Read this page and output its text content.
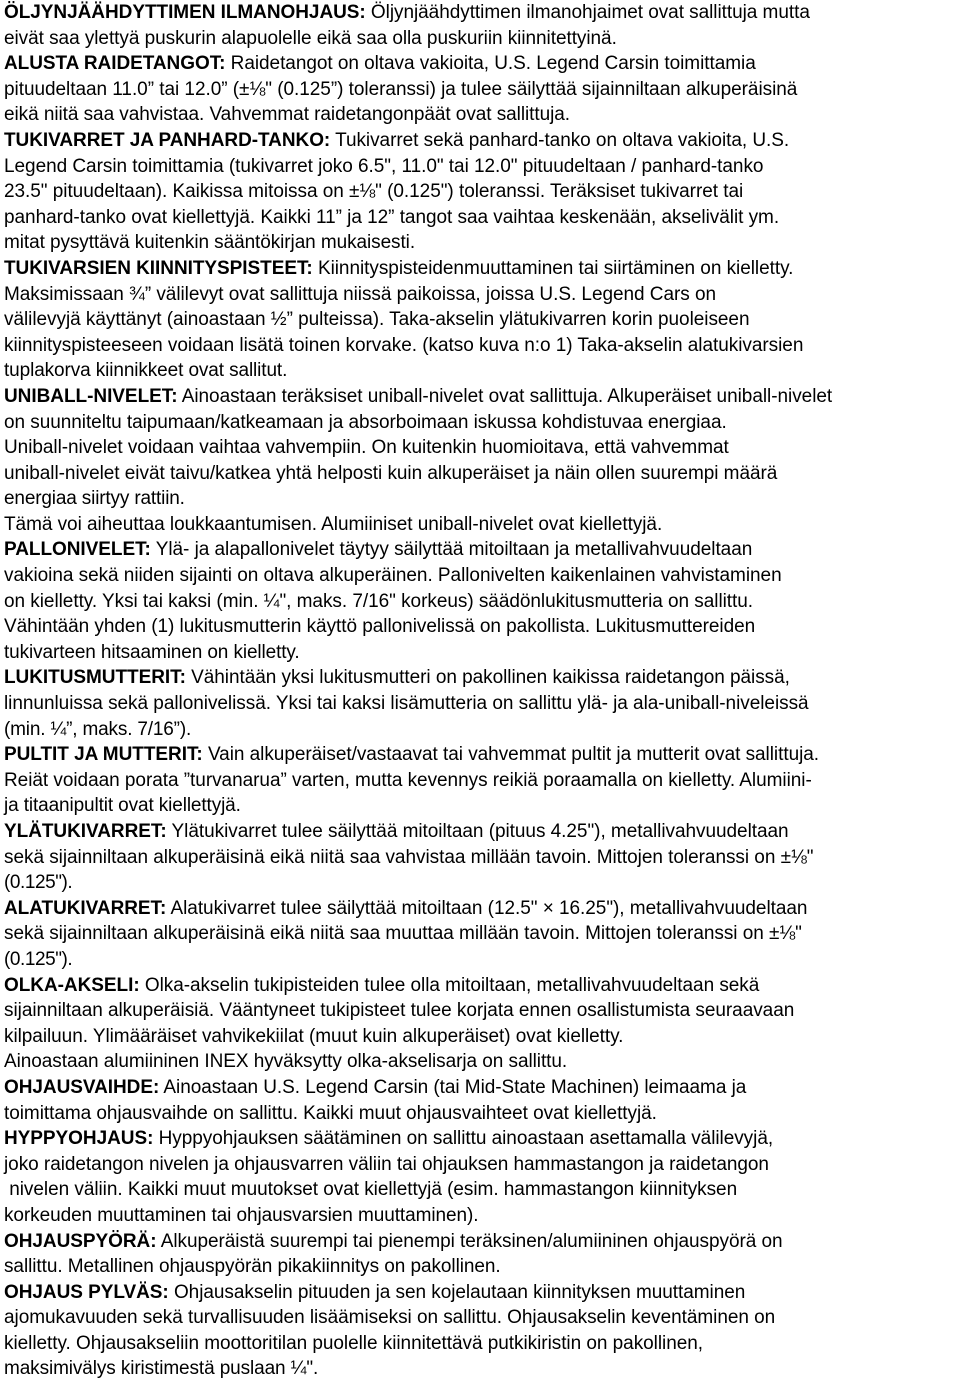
ÖLJYNJÄÄHDYTTIMEN ILMANOHJAUS: Öljynjäähdyttimen ilmanohjaimet ovat sallittuja mutta
eivät saa ylettyä puskurin alapuolelle eikä saa olla puskuriin kiinnitettyinä.
ALUSTA RAIDETANGOT: Raidetangot on oltava vakioita, U.S. Legend Carsin toimittamia
pituudeltaan 11.0” tai 12.0” (±⅛" (0.125”) toleranssi) ja tulee säilyttää sijainniltaan alkuperäisinä
eikä niitä saa vahvistaa. Vahvemmat raidetangonpäät ovat sallittuja.
TUKIVARRET JA PANHARD-TANKO: Tukivarret sekä panhard-tanko on oltava vakioita, U.S.
Legend Carsin toimittamia (tukivarret joko 6.5", 11.0" tai 12.0" pituudeltaan / panhard-tanko
23.5" pituudeltaan). Kaikissa mitoissa on ±⅛" (0.125") toleranssi. Teräksiset tukivarret tai
panhard-tanko ovat kiellettyjä. Kaikki 11” ja 12” tangot saa vaihtaa keskenään, akselivälit ym.
mitat pysyttävä kuitenkin sääntökirjan mukaisesti.
TUKIVARSIEN KIINNITYSPISTEET: Kiinnityspisteidenmuuttaminen tai siirtäminen on kielletty.
Maksimissaan ¾” välilevyt ovat sallittuja niissä paikoissa, joissa U.S. Legend Cars on
välilevyjä käyttänyt (ainoastaan ½” pulteissa). Taka-akselin ylätukivarren korin puoleiseen
kiinnityspisteeseen voidaan lisätä toinen korvake. (katso kuva n:o 1) Taka-akselin alatukivarsien
tuplakorva kiinnikkeet ovat sallitut.
UNIBALL-NIVELET: Ainoastaan teräksiset uniball-nivelet ovat sallittuja. Alkuperäiset uniball-nivelet
on suunniteltu taipumaan/katkeamaan ja absorboimaan iskussa kohdistuvaa energiaa.
Uniball-nivelet voidaan vaihtaa vahvempiin. On kuitenkin huomioitava, että vahvemmat
uniball-nivelet eivät taivu/katkea yhtä helposti kuin alkuperäiset ja näin ollen suurempi määrä
energiaa siirtyy rattiin.
Tämä voi aiheuttaa loukkaantumisen. Alumiiniset uniball-nivelet ovat kiellettyjä.
PALLONIVELET: Ylä- ja alapallonivelet täytyy säilyttää mitoiltaan ja metallivahvuudeltaan
vakioina sekä niiden sijainti on oltava alkuperäinen. Pallonivelten kaikenlainen vahvistaminen
on kielletty. Yksi tai kaksi (min. ¼", maks. 7/16" korkeus) säädönlukitusmutteria on sallittu.
Vähintään yhden (1) lukitusmutterin käyttö pallonivelissä on pakollista. Lukitusmuttereiden
tukivarteen hitsaaminen on kielletty.
LUKITUSMUTTERIT: Vähintään yksi lukitusmutteri on pakollinen kaikissa raidetangon päissä,
linnunluissa sekä pallonivelissä. Yksi tai kaksi lisämutteria on sallittu ylä- ja ala-uniball-niveleissä
(min. ¼”, maks. 7/16”).
PULTIT JA MUTTERIT: Vain alkuperäiset/vastaavat tai vahvemmat pultit ja mutterit ovat sallittuja.
Reiät voidaan porata ”turvanarua” varten, mutta kevennys reikiä poraamalla on kielletty. Alumiini-
ja titaanipultit ovat kiellettyjä.
YLÄTUKIVARRET: Ylätukivarret tulee säilyttää mitoiltaan (pituus 4.25"), metallivahvuudeltaan
sekä sijainniltaan alkuperäisinä eikä niitä saa vahvistaa millään tavoin. Mittojen toleranssi on ±⅛"
(0.125").
ALATUKIVARRET: Alatukivarret tulee säilyttää mitoiltaan (12.5" × 16.25"), metallivahvuudeltaan
sekä sijainniltaan alkuperäisinä eikä niitä saa muuttaa millään tavoin. Mittojen toleranssi on ±⅛"
(0.125").
OLKA-AKSELI: Olka-akselin tukipisteiden tulee olla mitoiltaan, metallivahvuudeltaan sekä
sijainniltaan alkuperäisiä. Vääntyneet tukipisteet tulee korjata ennen osallistumista seuraavaan
kilpailuun. Ylimääräiset vahvikekiilat (muut kuin alkuperäiset) ovat kielletty.
Ainoastaan alumiininen INEX hyväksytty olka-akselisarja on sallittu.
OHJAUSVAIHDE: Ainoastaan U.S. Legend Carsin (tai Mid-State Machinen) leimaama ja
toimittama ohjausvaihde on sallittu. Kaikki muut ohjausvaihteet ovat kiellettyjä.
HYPPYOHJAUS: Hyppyohjauksen säätäminen on sallittu ainoastaan asettamalla välilevyjä,
joko raidetangon nivelen ja ohjausvarren väliin tai ohjauksen hammastangon ja raidetangon
nivelen väliin. Kaikki muut muutokset ovat kiellettyjä (esim. hammastangon kiinnityksen
korkeuden muuttaminen tai ohjausvarsien muuttaminen).
OHJAUSPYÖRÄ: Alkuperäistä suurempi tai pienempi teräksinen/alumiininen ohjauspyörä on
sallittu. Metallinen ohjauspyörän pikakiinnitys on pakollinen.
OHJAUS PYLVÄS: Ohjausakselin pituuden ja sen kojelautaan kiinnityksen muuttaminen
ajomukavuuden sekä turvallisuuden lisäämiseksi on sallittu. Ohjausakselin keventäminen on
kielletty. Ohjausakseliin moottoritilan puolelle kiinnitettävä putkikiristin on pakollinen,
maksimivälys kiristimestä puslaan ¼".
